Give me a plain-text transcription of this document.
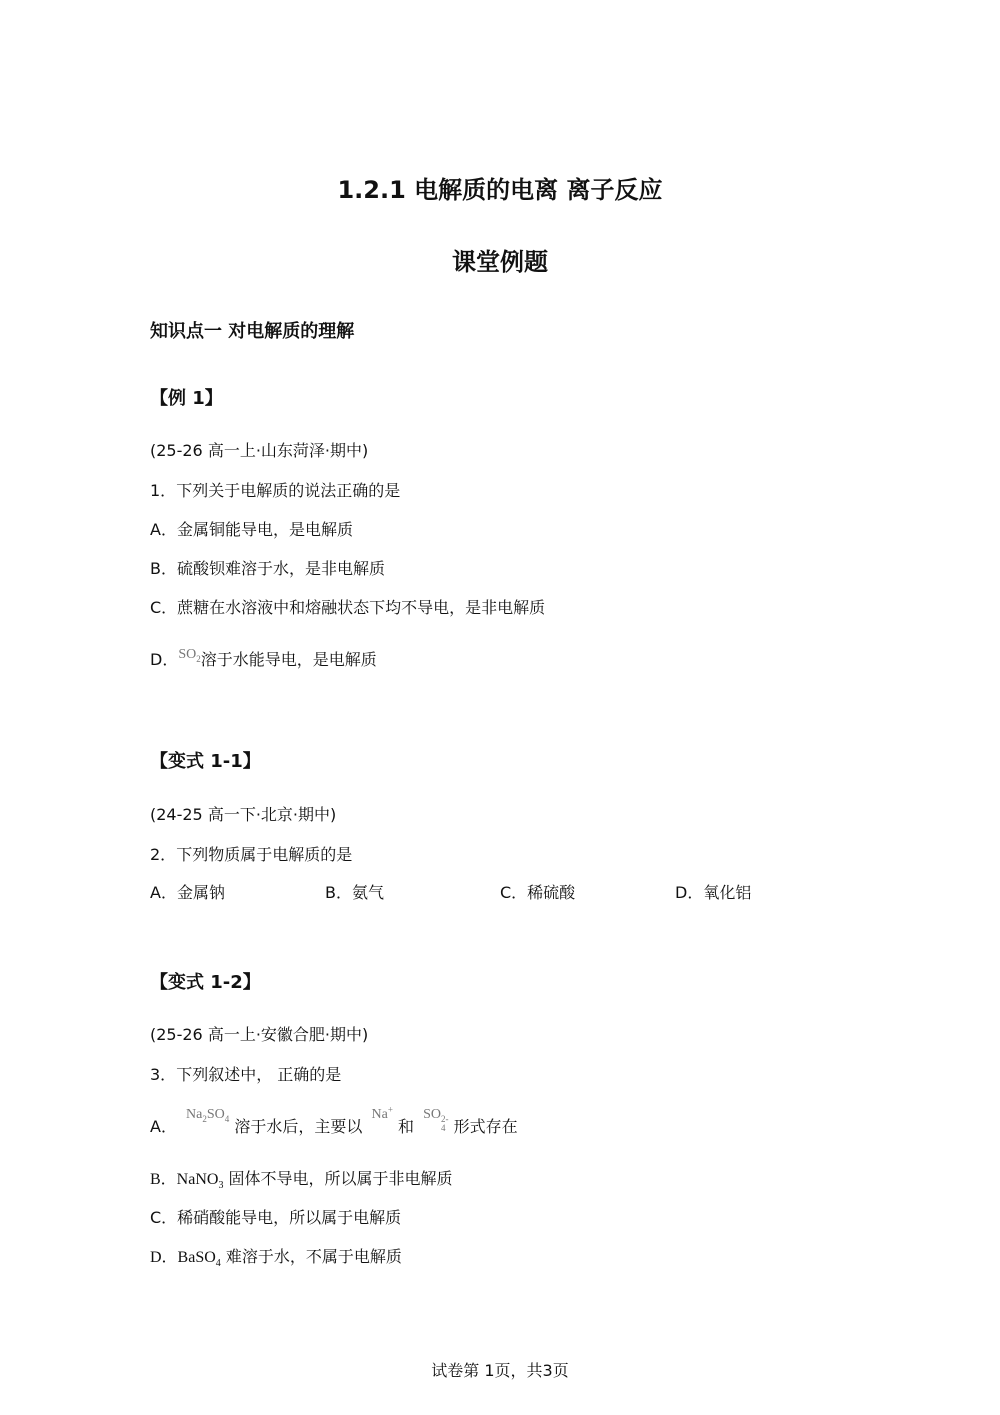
1.2.1 电解质的电离 离子反应
课堂例题
知识点一 对电解质的理解
【例 1】
(25-26 高一上·山东菏泽·期中)
1．下列关于电解质的说法正确的是
A．金属铜能导电，是电解质
B．硫酸钡难溶于水，是非电解质
C．蔗糖在水溶液中和熔融状态下均不导电，是非电解质
D．$SO_2$溶于水能导电，是电解质
【变式 1-1】
(24-25 高一下·北京·期中)
2．下列物质属于电解质的是
A．金属钠	B．氨气	C．稀硫酸	D．氧化铝
【变式 1-2】
(25-26 高一上·安徽合肥·期中)
3．下列叙述中， 正确的是
A． $Na_2SO_4$ 溶于水后，主要以 Na+ 和 SO 2-
4 形式存在
B．NaNO$_3$ 固体不导电，所以属于非电解质
C．稀硝酸能导电，所以属于电解质
D．BaSO$_4$ 难溶于水，不属于电解质
试卷第 1页，共3页
